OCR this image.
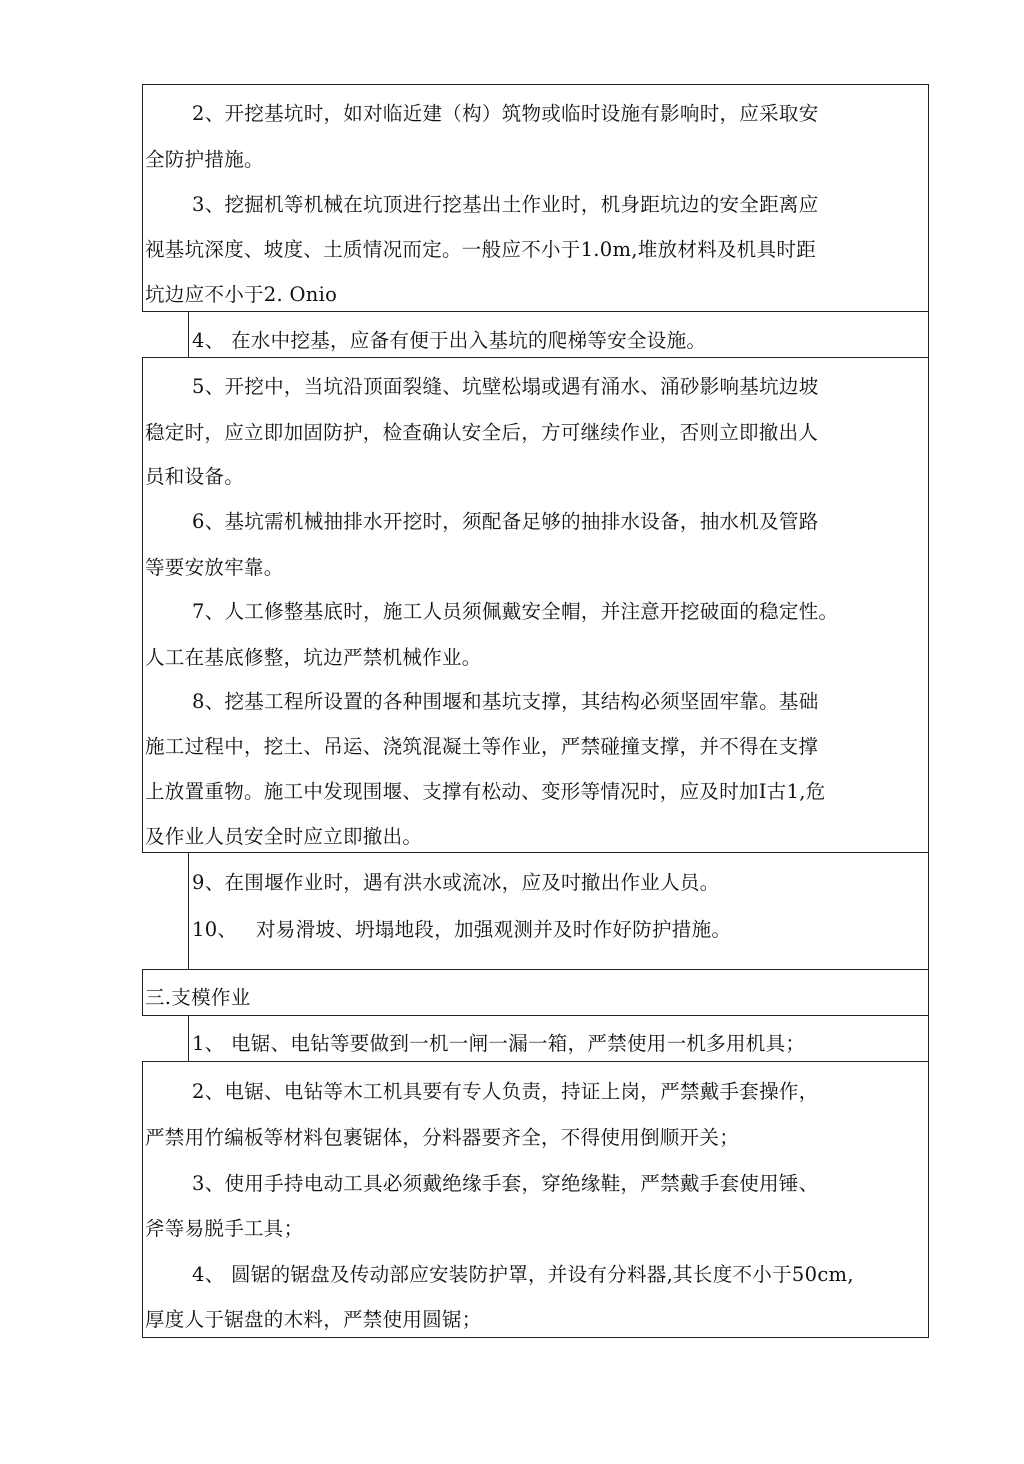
2、开挖基坑时，如对临近建（构）筑物或临时设施有影响时，应采取安
全防护措施。
3、挖掘机等机械在坑顶进行挖基出土作业时，机身距坑边的安全距离应
视基坑深度、坡度、土质情况而定。一般应不小于1.0m,堆放材料及机具时距
坑边应不小于2. Onio
4、 在水中挖基，应备有便于出入基坑的爬梯等安全设施。
5、开挖中，当坑沿顶面裂缝、坑壁松塌或遇有涌水、涌砂影响基坑边坡
稳定时，应立即加固防护，检查确认安全后，方可继续作业，否则立即撤出人
员和设备。
6、基坑需机械抽排水开挖时，须配备足够的抽排水设备，抽水机及管路
等要安放牢靠。
7、人工修整基底时，施工人员须佩戴安全帽，并注意开挖破面的稳定性。
人工在基底修整，坑边严禁机械作业。
8、挖基工程所设置的各种围堰和基坑支撑，其结构必须坚固牢靠。基础
施工过程中，挖土、吊运、浇筑混凝土等作业，严禁碰撞支撑，并不得在支撑
上放置重物。施工中发现围堰、支撑有松动、变形等情况时，应及时加I古1,危
及作业人员安全时应立即撤出。
9、在围堰作业时，遇有洪水或流冰，应及吋撤出作业人员。
10、 对易滑坡、坍塌地段，加强观测并及时作好防护措施。
三.支模作业
1、 电锯、电钻等要做到一机一闸一漏一箱，严禁使用一机多用机具；
2、电锯、电钻等木工机具要有专人负责，持证上岗，严禁戴手套操作，
严禁用竹编板等材料包裹锯体，分料器要齐全，不得使用倒顺开关；
3、使用手持电动工具必须戴绝缘手套，穿绝缘鞋，严禁戴手套使用锤、
斧等易脱手工具；
4、 圆锯的锯盘及传动部应安装防护罩，并设有分料器,其长度不小于50cm,
厚度人于锯盘的木料，严禁使用圆锯；
